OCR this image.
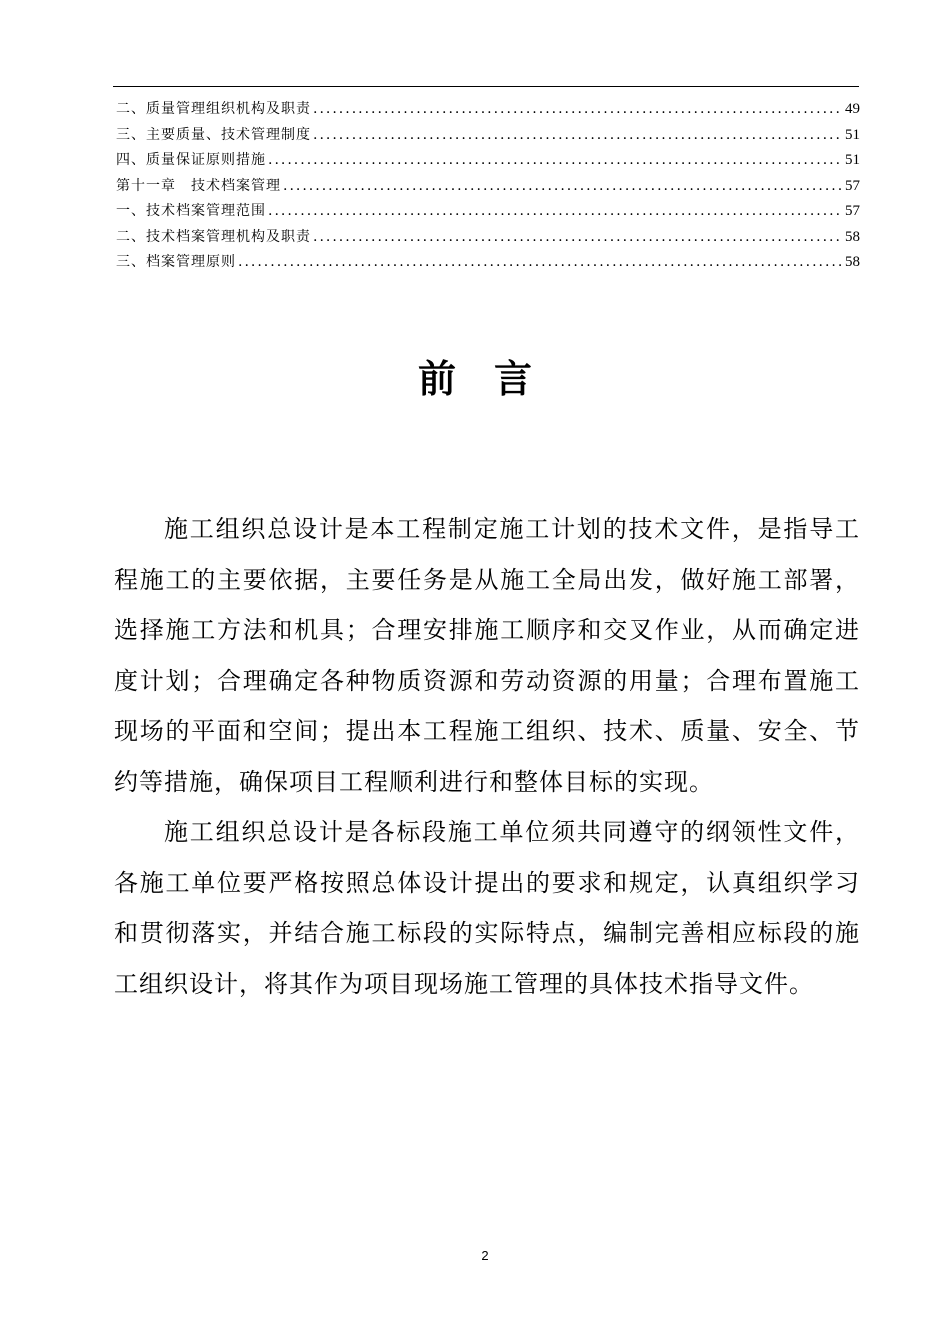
二、质量管理组织机构及职责 .....	49
三、主要质量、技术管理制度 .....	51
四、质量保证原则措施 .....	51
第十一章　技术档案管理 .....	57
一、技术档案管理范围 .....	57
二、技术档案管理机构及职责 .....	58
三、档案管理原则 .....	58
前言

施工组织总设计是本工程制定施工计划的技术文件，是指导工程施工的主要依据，主要任务是从施工全局出发，做好施工部署，选择施工方法和机具；合理安排施工顺序和交叉作业，从而确定进度计划；合理确定各种物质资源和劳动资源的用量；合理布置施工现场的平面和空间；提出本工程施工组织、技术、质量、安全、节约等措施，确保项目工程顺利进行和整体目标的实现。

施工组织总设计是各标段施工单位须共同遵守的纲领性文件，各施工单位要严格按照总体设计提出的要求和规定，认真组织学习和贯彻落实，并结合施工标段的实际特点，编制完善相应标段的施工组织设计，将其作为项目现场施工管理的具体技术指导文件。

2
